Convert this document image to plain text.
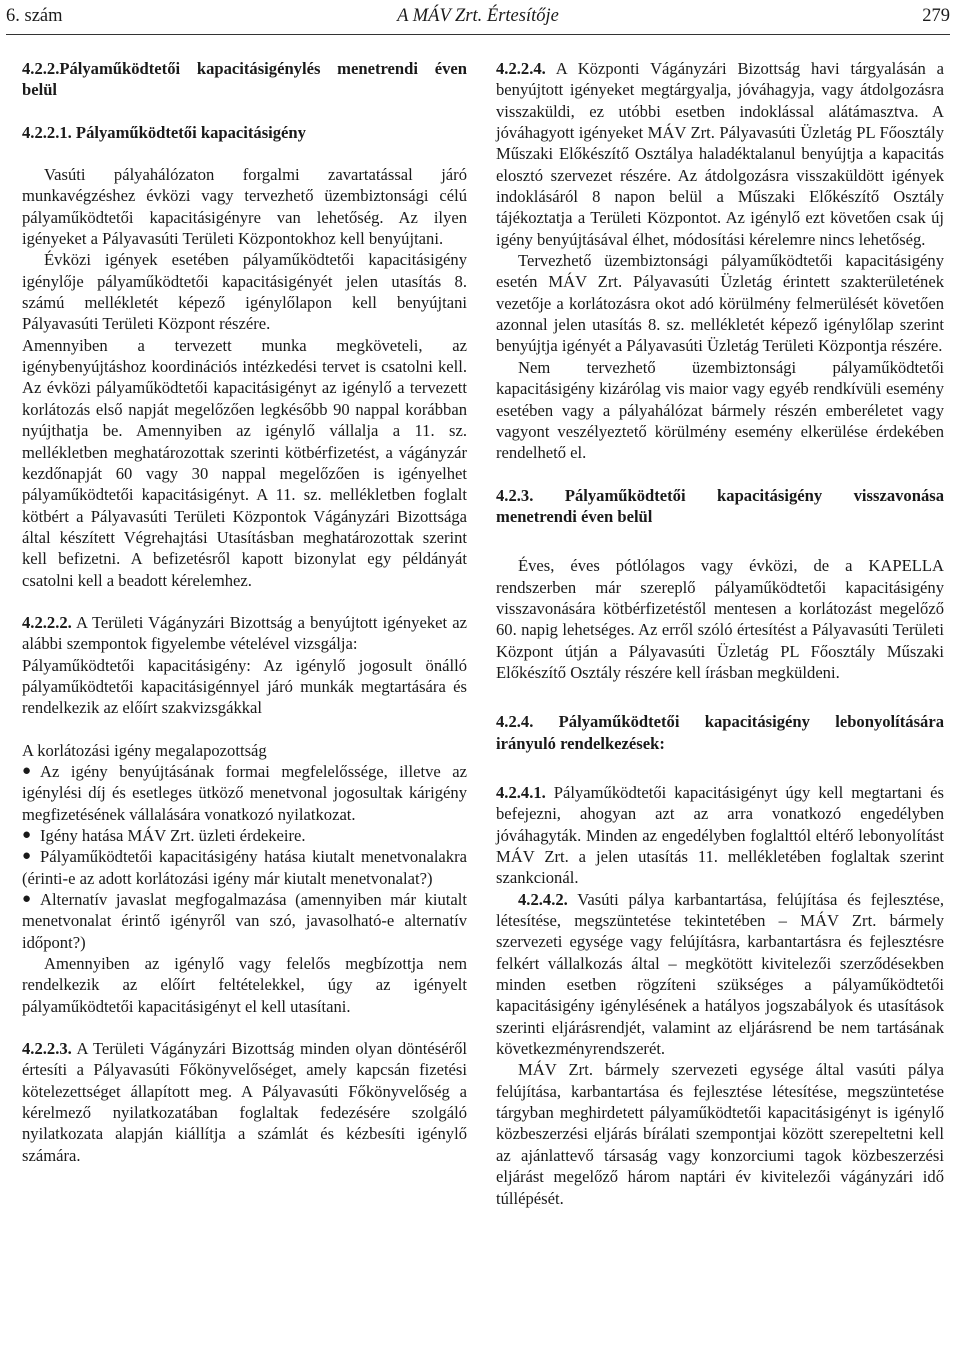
6. szám	A MÁV Zrt. Értesítője	279

4.2.2.Pályaműködtetői kapacitásigénylés menetrendi éven belül

4.2.2.1. Pályaműködtetői kapacitásigény

Vasúti pályahálózaton forgalmi zavartatással járó munkavégzéshez évközi vagy tervezhető üzembiztonsági célú pályaműködtetői kapacitásigényre van lehetőség. Az ilyen igényeket a Pályavasúti Területi Központokhoz kell benyújtani.

Évközi igények esetében pályaműködtetői kapacitásigény igénylője pályaműködtetői kapacitásigényét jelen utasítás 8. számú mellékletét képező igénylőlapon kell benyújtani Pályavasúti Területi Központ részére.

Amennyiben a tervezett munka megköveteli, az igénybenyújtáshoz koordinációs intézkedési tervet is csatolni kell. Az évközi pályaműködtetői kapacitásigényt az igénylő a tervezett korlátozás első napját megelőzően legkésőbb 90 nappal korábban nyújthatja be. Amennyiben az igénylő vállalja a 11. sz. mellékletben meghatározottak szerinti kötbérfizetést, a vágányzár kezdőnapját 60 vagy 30 nappal megelőzően is igényelhet pályaműködtetői kapacitásigényt. A 11. sz. mellékletben foglalt kötbért a Pályavasúti Területi Központok Vágányzári Bizottsága által készített Végrehajtási Utasításban meghatározottak szerint kell befizetni. A befizetésről kapott bizonylat egy példányát csatolni kell a beadott kérelemhez.

4.2.2.2. A Területi Vágányzári Bizottság a benyújtott igényeket az alábbi szempontok figyelembe vételével vizsgálja:

Pályaműködtetői kapacitásigény: Az igénylő jogosult önálló pályaműködtetői kapacitásigénnyel járó munkák megtartására és rendelkezik az előírt szakvizsgákkal

A korlátozási igény megalapozottság

● Az igény benyújtásának formai megfelelőssége, illetve az igénylési díj és esetleges ütköző menetvonal jogosultak kárigény megfizetésének vállalására vonatkozó nyilatkozat.

● Igény hatása MÁV Zrt. üzleti érdekeire.

● Pályaműködtetői kapacitásigény hatása kiutalt menetvonalakra (érinti-e az adott korlátozási igény már kiutalt menetvonalat?)

● Alternatív javaslat megfogalmazása (amennyiben már kiutalt menetvonalat érintő igényről van szó, javasolható-e alternatív időpont?)

Amennyiben az igénylő vagy felelős megbízottja nem rendelkezik az előírt feltételekkel, úgy az igényelt pályaműködtetői kapacitásigényt el kell utasítani.

4.2.2.3. A Területi Vágányzári Bizottság minden olyan döntéséről értesíti a Pályavasúti Főkönyvelőséget, amely kapcsán fizetési kötelezettséget állapított meg. A Pályavasúti Főkönyvelőség a kérelmező nyilatkozatában foglaltak fedezésére szolgáló nyilatkozata alapján kiállítja a számlát és kézbesíti igénylő számára.

4.2.2.4. A Központi Vágányzári Bizottság havi tárgyalásán a benyújtott igényeket megtárgyalja, jóváhagyja, vagy átdolgozásra visszaküldi, ez utóbbi esetben indoklással alátámasztva. A jóváhagyott igényeket MÁV Zrt. Pályavasúti Üzletág PL Főosztály Műszaki Előkészítő Osztálya haladéktalanul benyújtja a kapacitás elosztó szervezet részére. Az átdolgozásra visszaküldött igények indoklásáról 8 napon belül a Műszaki Előkészítő Osztály tájékoztatja a Területi Központot. Az igénylő ezt követően csak új igény benyújtásával élhet, módosítási kérelemre nincs lehetőség.

Tervezhető üzembiztonsági pályaműködtetői kapacitásigény esetén MÁV Zrt. Pályavasúti Üzletág érintett szakterületének vezetője a korlátozásra okot adó körülmény felmerülését követően azonnal jelen utasítás 8. sz. mellékletét képező igénylőlap szerint benyújtja igényét a Pályavasúti Üzletág Területi Központja részére.

Nem tervezhető üzembiztonsági pályaműködtetői kapacitásigény kizárólag vis maior vagy egyéb rendkívüli esemény esetében vagy a pályahálózat bármely részén emberéletet vagy vagyont veszélyeztető körülmény esemény elkerülése érdekében rendelhető el.

4.2.3. Pályaműködtetői kapacitásigény visszavonása menetrendi éven belül

Éves, éves pótlólagos vagy évközi, de a KAPELLA rendszerben már szereplő pályaműködtetői kapacitásigény visszavonására kötbérfizetéstől mentesen a korlátozást megelőző 60. napig lehetséges. Az erről szóló értesítést a Pályavasúti Területi Központ útján a Pályavasúti Üzletág PL Főosztály Műszaki Előkészítő Osztály részére kell írásban megküldeni.

4.2.4. Pályaműködtetői kapacitásigény lebonyolítására irányuló rendelkezések:

4.2.4.1. Pályaműködtetői kapacitásigényt úgy kell megtartani és befejezni, ahogyan azt az arra vonatkozó engedélyben jóváhagyták. Minden az engedélyben foglalttól eltérő lebonyolítást MÁV Zrt. a jelen utasítás 11. mellékletében foglaltak szerint szankcionál.

4.2.4.2. Vasúti pálya karbantartása, felújítása és fejlesztése, létesítése, megszüntetése tekintetében – MÁV Zrt. bármely szervezeti egysége vagy felújításra, karbantartásra és fejlesztésre felkért vállalkozás által – megkötött kivitelezői szerződésekben minden esetben rögzíteni szükséges a pályaműködtetői kapacitásigény igénylésének a hatályos jogszabályok és utasítások szerinti eljárásrendjét, valamint az eljárásrend be nem tartásának következményrendszerét.

MÁV Zrt. bármely szervezeti egysége által vasúti pálya felújítása, karbantartása és fejlesztése létesítése, megszüntetése tárgyban meghirdetett pályaműködtetői kapacitásigényt is igénylő közbeszerzési eljárás bírálati szempontjai között szerepeltetni kell az ajánlattevő társaság vagy konzorciumi tagok közbeszerzési eljárást megelőző három naptári év kivitelezői vágányzári idő túllépését.
